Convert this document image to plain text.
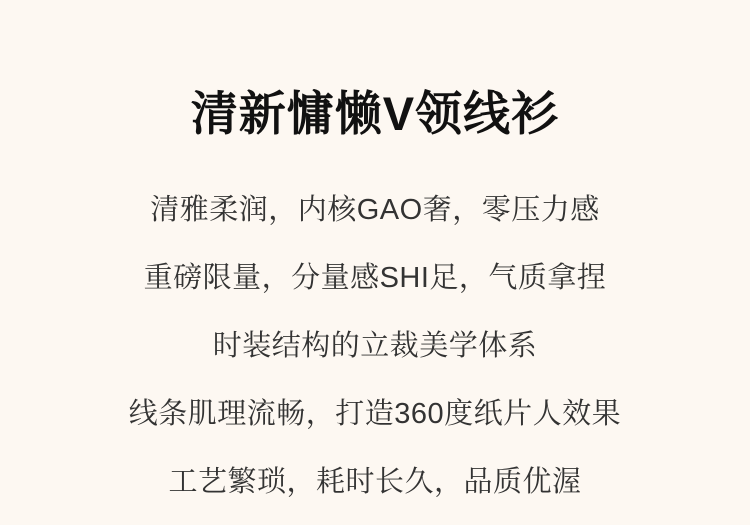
清新慵懒V领线衫

清雅柔润，内核GAO奢，零压力感

重磅限量，分量感SHI足，气质拿捏

时装结构的立裁美学体系

线条肌理流畅，打造360度纸片人效果

工艺繁琐，耗时长久，品质优渥
